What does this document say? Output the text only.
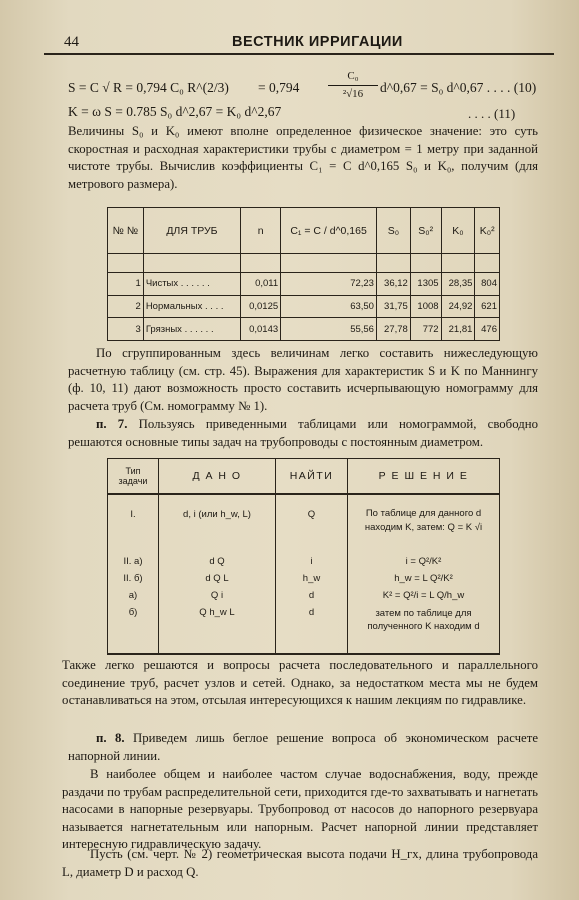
44	ВЕСТНИК ИРРИГАЦИИ
S = C √ R = 0,794 C₀ R^(2/3) = 0,794
C₀
²√16	d^0,67 = S₀ d^0,67 . . . . (10)
K = ω S = 0.785 S₀ d^2,67 = K₀ d^2,67	. . . . (11)

Величины S₀ и K₀ имеют вполне определенное физическое значение: это суть скоростная и расходная характеристики трубы с диаметром = 1 метру при заданной чистоте трубы. Вычислив коэффициенты C₁ = C d^0,165 S₀ и K₀, получим (для метрового размера).

№ №	ДЛЯ ТРУБ	n	C₁ = C / d^0,165	S₀	S₀²	K₀	K₀²

1	Чистых . . . . . .	0,011	72,23	36,12	1305	28,35	804
2	Нормальных . . . .	0,0125	63,50	31,75	1008	24,92	621
3	Грязных . . . . . .	0,0143	55,56	27,78	772	21,81	476

По сгруппированным здесь величинам легко составить нижеследующую расчетную таблицу (см. стр. 45). Выражения для характеристик S и K по Маннингу (ф. 10, 11) дают возможность просто составить исчерпывающую номограмму для расчета труб (См. номограмму № 1).

п. 7. Пользуясь приведенными таблицами или номограммой, свободно решаются основные типы задач на трубопроводы с постоянным диаметром.

Тип задачи	Д А Н О	НАЙТИ	Р Е Ш Е Н И Е
I.	d, i (или h_w, L)	Q	По таблице для данного d находим K, затем: Q = K √i
II. a)	d Q	i	i = Q²/K²
II. б)	d Q L	h_w	h_w = L Q²/K²
a)	Q i	d	K² = Q²/i = L Q/h_w
б)	Q h_w L	d	затем по таблице для полученного K находим d

Также легко решаются и вопросы расчета последовательного и параллельного соединение труб, расчет узлов и сетей. Однако, за недостатком места мы не будем останавливаться на этом, отсылая интересующихся к нашим лекциям по гидравлике.

п. 8. Приведем лишь беглое решение вопроса об экономическом расчете напорной линии.

В наиболее общем и наиболее частом случае водоснабжения, воду, прежде раздачи по трубам распределительной сети, приходится где-то захватывать и нагнетать насосами в напорные резервуары. Трубопровод от насосов до напорного резервуара называется нагнетательным или напорным. Расчет напорной линии представляет интересную гидравлическую задачу.

Пусть (см. черт. № 2) геометрическая высота подачи H_гх, длина трубопровода L, диаметр D и расход Q.
